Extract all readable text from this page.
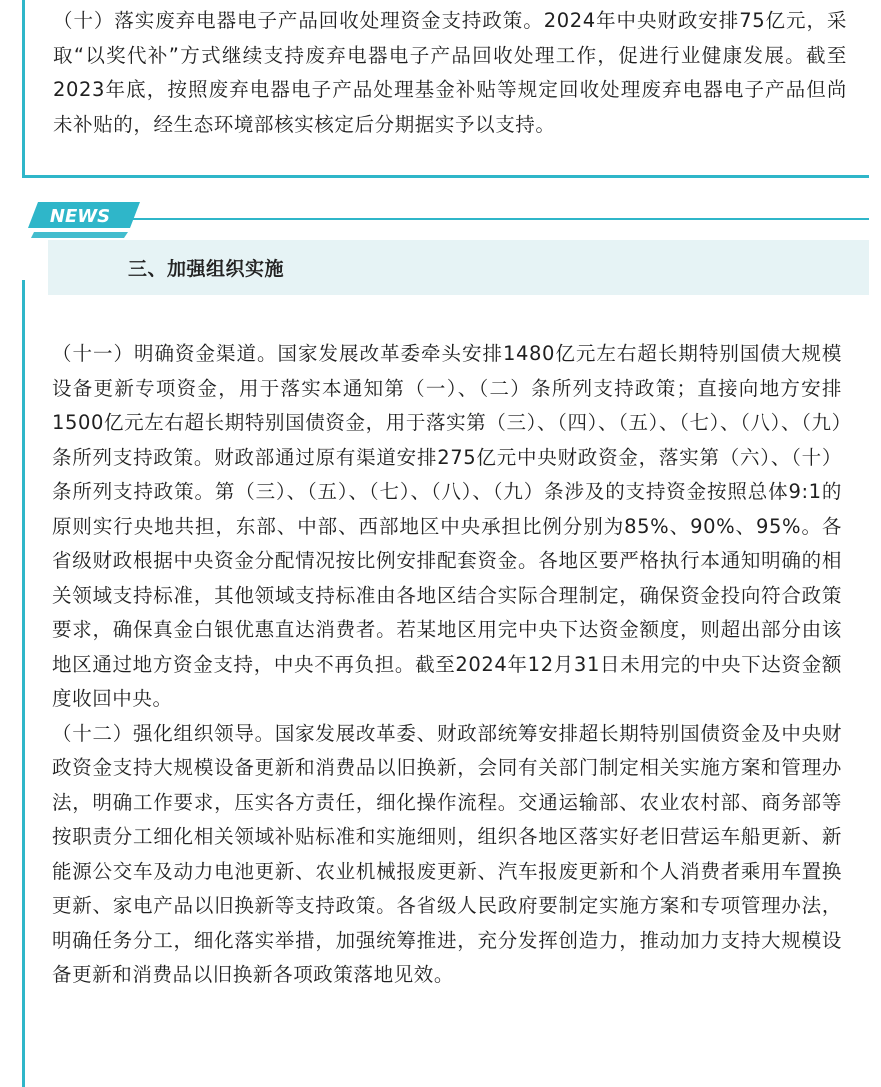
（十）落实废弃电器电子产品回收处理资金支持政策。2024年中央财政安排75亿元，采取“以奖代补”方式继续支持废弃电器电子产品回收处理工作，促进行业健康发展。截至2023年底，按照废弃电器电子产品处理基金补贴等规定回收处理废弃电器电子产品但尚未补贴的，经生态环境部核实核定后分期据实予以支持。

NEWS
三、加强组织实施

（十一）明确资金渠道。国家发展改革委牵头安排1480亿元左右超长期特别国债大规模设备更新专项资金，用于落实本通知第（一）、（二）条所列支持政策；直接向地方安排1500亿元左右超长期特别国债资金，用于落实第（三）、（四）、（五）、（七）、（八）、（九）条所列支持政策。财政部通过原有渠道安排275亿元中央财政资金，落实第（六）、（十）条所列支持政策。第（三）、（五）、（七）、（八）、（九）条涉及的支持资金按照总体9:1的原则实行央地共担，东部、中部、西部地区中央承担比例分别为85%、90%、95%。各省级财政根据中央资金分配情况按比例安排配套资金。各地区要严格执行本通知明确的相关领域支持标准，其他领域支持标准由各地区结合实际合理制定，确保资金投向符合政策要求，确保真金白银优惠直达消费者。若某地区用完中央下达资金额度，则超出部分由该地区通过地方资金支持，中央不再负担。截至2024年12月31日未用完的中央下达资金额度收回中央。

（十二）强化组织领导。国家发展改革委、财政部统筹安排超长期特别国债资金及中央财政资金支持大规模设备更新和消费品以旧换新，会同有关部门制定相关实施方案和管理办法，明确工作要求，压实各方责任，细化操作流程。交通运输部、农业农村部、商务部等按职责分工细化相关领域补贴标准和实施细则，组织各地区落实好老旧营运车船更新、新能源公交车及动力电池更新、农业机械报废更新、汽车报废更新和个人消费者乘用车置换更新、家电产品以旧换新等支持政策。各省级人民政府要制定实施方案和专项管理办法，明确任务分工，细化落实举措，加强统筹推进，充分发挥创造力，推动加力支持大规模设备更新和消费品以旧换新各项政策落地见效。
